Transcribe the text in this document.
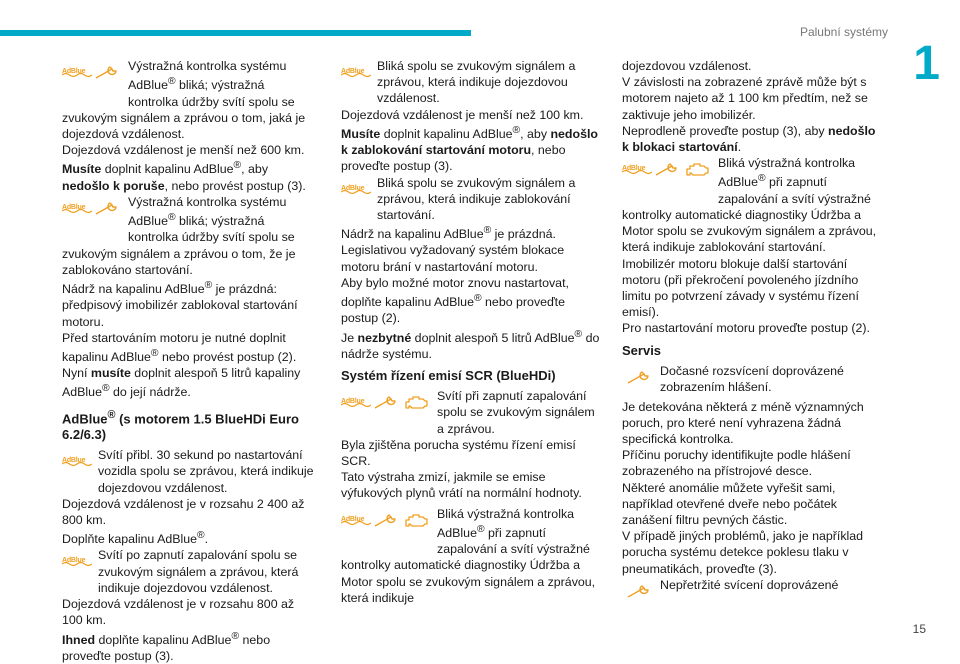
Palubní systémy
1
15
AdBlue	Výstražná kontrolka systému AdBlue® bliká; výstražná kontrolka údržby svítí spolu se zvukovým signálem a zprávou o tom, jaká je dojezdová vzdálenost.

Dojezdová vzdálenost je menší než 600 km.

Musíte doplnit kapalinu AdBlue®, aby nedošlo k poruše, nebo provést postup (3).

AdBlue	Výstražná kontrolka systému AdBlue® bliká; výstražná kontrolka údržby svítí spolu se zvukovým signálem a zprávou o tom, že je zablokováno startování.

Nádrž na kapalinu AdBlue® je prázdná: předpisový imobilizér zablokoval startování motoru.

Před startováním motoru je nutné doplnit kapalinu AdBlue® nebo provést postup (2).

Nyní musíte doplnit alespoň 5 litrů kapaliny AdBlue® do její nádrže.

AdBlue® (s motorem 1.5 BlueHDi Euro 6.2/6.3)
AdBlue	Svítí přibl. 30 sekund po nastartování vozidla spolu se zprávou, která indikuje dojezdovou vzdálenost.

Dojezdová vzdálenost je v rozsahu 2 400 až 800 km.

Doplňte kapalinu AdBlue®.

AdBlue	Svítí po zapnutí zapalování spolu se zvukovým signálem a zprávou, která indikuje dojezdovou vzdálenost.

Dojezdová vzdálenost je v rozsahu 800 až 100 km.

Ihned doplňte kapalinu AdBlue® nebo proveďte postup (3).

AdBlue	Bliká spolu se zvukovým signálem a zprávou, která indikuje dojezdovou vzdálenost.

Dojezdová vzdálenost je menší než 100 km.

Musíte doplnit kapalinu AdBlue®, aby nedošlo k zablokování startování motoru, nebo proveďte postup (3).

AdBlue	Bliká spolu se zvukovým signálem a zprávou, která indikuje zablokování startování.

Nádrž na kapalinu AdBlue® je prázdná.

Legislativou vyžadovaný systém blokace motoru brání v nastartování motoru.

Aby bylo možné motor znovu nastartovat, doplňte kapalinu AdBlue® nebo proveďte postup (2).

Je nezbytné doplnit alespoň 5 litrů AdBlue® do nádrže systému.

Systém řízení emisí SCR (BlueHDi)
AdBlue	Svítí při zapnutí zapalování spolu se zvukovým signálem a zprávou.

Byla zjištěna porucha systému řízení emisí SCR.

Tato výstraha zmizí, jakmile se emise výfukových plynů vrátí na normální hodnoty.

AdBlue	Bliká výstražná kontrolka AdBlue® při zapnutí zapalování a svítí výstražné kontrolky automatické diagnostiky Údržba a Motor spolu se zvukovým signálem a zprávou, která indikuje

dojezdovou vzdálenost.

V závislosti na zobrazené zprávě může být s motorem najeto až 1 100 km předtím, než se zaktivuje jeho imobilizér.

Neprodleně proveďte postup (3), aby nedošlo k blokaci startování.

AdBlue	Bliká výstražná kontrolka AdBlue® při zapnutí zapalování a svítí výstražné kontrolky automatické diagnostiky Údržba a Motor spolu se zvukovým signálem a zprávou, která indikuje zablokování startování.

Imobilizér motoru blokuje další startování motoru (při překročení povoleného jízdního limitu po potvrzení závady v systému řízení emisí).

Pro nastartování motoru proveďte postup (2).

Servis

Dočasné rozsvícení doprovázené zobrazením hlášení.

Je detekována některá z méně významných poruch, pro které není vyhrazena žádná specifická kontrolka.

Příčinu poruchy identifikujte podle hlášení zobrazeného na přístrojové desce.

Některé anomálie můžete vyřešit sami, například otevřené dveře nebo počátek zanášení filtru pevných částic.

V případě jiných problémů, jako je například porucha systému detekce poklesu tlaku v pneumatikách, proveďte (3).

Nepřetržité svícení doprovázené
